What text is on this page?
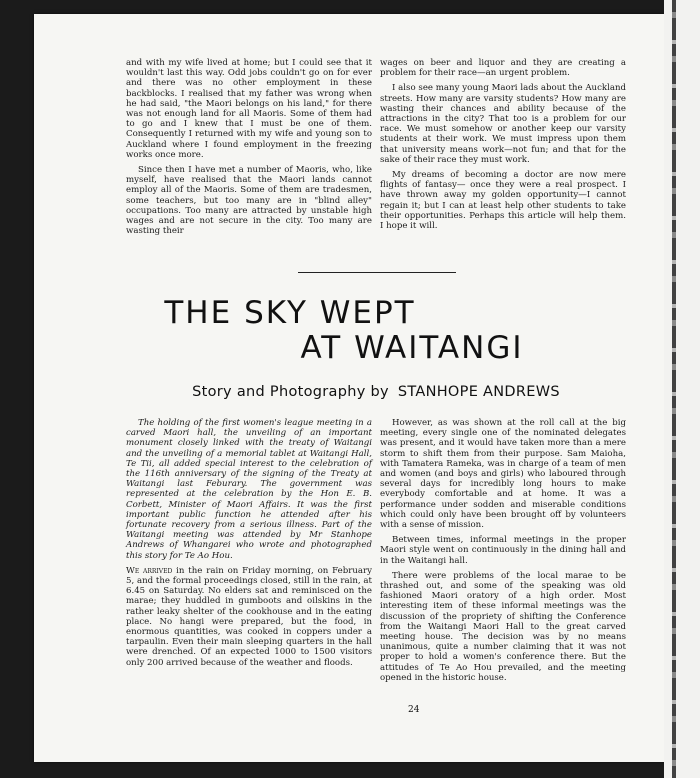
and with my wife lived at home; but I could see that it wouldn't last this way. Odd jobs couldn't go on for ever and there was no other employment in these backblocks. I realised that my father was wrong when he had said, "the Maori belongs on his land," for there was not enough land for all Maoris. Some of them had to go and I knew that I must be one of them. Consequently I returned with my wife and young son to Auckland where I found employment in the freezing works once more.

Since then I have met a number of Maoris, who, like myself, have realised that the Maori lands cannot employ all of the Maoris. Some of them are tradesmen, some teachers, but too many are in "blind alley" occupations. Too many are attracted by unstable high wages and are not secure in the city. Too many are wasting their

wages on beer and liquor and they are creating a problem for their race—an urgent problem.

I also see many young Maori lads about the Auckland streets. How many are varsity students? How many are wasting their chances and ability because of the attractions in the city? That too is a problem for our race. We must somehow or another keep our varsity students at their work. We must impress upon them that university means work—not fun; and that for the sake of their race they must work.

My dreams of becoming a doctor are now mere flights of fantasy— once they were a real prospect. I have thrown away my golden opportunity—I cannot regain it; but I can at least help other students to take their opportunities. Perhaps this article will help them. I hope it will.

THE SKY WEPT
AT WAITANGI
Story and Photography by STANHOPE ANDREWS

The holding of the first women's league meeting in a carved Maori hall, the unveiling of an important monument closely linked with the treaty of Waitangi and the unveiling of a memorial tablet at Waitangi Hall, Te Tii, all added special interest to the celebration of the 116th anniversary of the signing of the Treaty at Waitangi last Feburary. The government was represented at the celebration by the Hon E. B. Corbett, Minister of Maori Affairs. It was the first important public function he attended after his fortunate recovery from a serious illness. Part of the Waitangi meeting was attended by Mr Stanhope Andrews of Whangarei who wrote and photographed this story for Te Ao Hou.

We arrived in the rain on Friday morning, on February 5, and the formal proceedings closed, still in the rain, at 6.45 on Saturday. No elders sat and reminisced on the marae; they huddled in gumboots and oilskins in the rather leaky shelter of the cookhouse and in the eating place. No hangi were prepared, but the food, in enormous quantities, was cooked in coppers under a tarpaulin. Even their main sleeping quarters in the hall were drenched. Of an expected 1000 to 1500 visitors only 200 arrived because of the weather and floods.

However, as was shown at the roll call at the big meeting, every single one of the nominated delegates was present, and it would have taken more than a mere storm to shift them from their purpose. Sam Maioha, with Tamatera Rameka, was in charge of a team of men and women (and boys and girls) who laboured through several days for incredibly long hours to make everybody comfortable and at home. It was a performance under sodden and miserable conditions which could only have been brought off by volunteers with a sense of mission.

Between times, informal meetings in the proper Maori style went on continuously in the dining hall and in the Waitangi hall.

There were problems of the local marae to be thrashed out, and some of the speaking was old fashioned Maori oratory of a high order. Most interesting item of these informal meetings was the discussion of the propriety of shifting the Conference from the Waitangi Maori Hall to the great carved meeting house. The decision was by no means unanimous, quite a number claiming that it was not proper to hold a women's conference there. But the attitudes of Te Ao Hou prevailed, and the meeting opened in the historic house.

24
